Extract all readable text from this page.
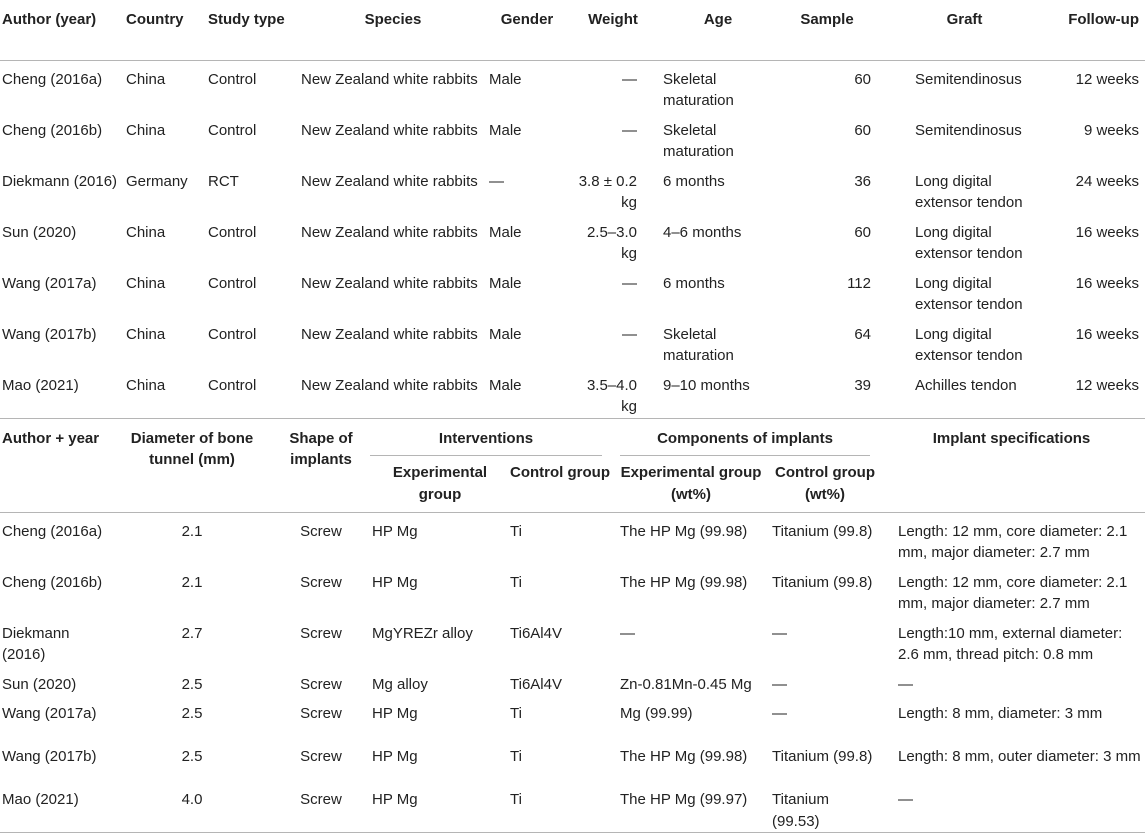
Author (year)	Country	Study type	Species	Gender	Weight	Age	Sample	Graft	Follow-up
Cheng (2016a)	China	Control	New Zealand white rabbits	Male	—	Skeletal maturation	60	Semitendinosus	12 weeks
Cheng (2016b)	China	Control	New Zealand white rabbits	Male	—	Skeletal maturation	60	Semitendinosus	9 weeks
Diekmann (2016)	Germany	RCT	New Zealand white rabbits	—	3.8 ± 0.2 kg	6 months	36	Long digital extensor tendon	24 weeks
Sun (2020)	China	Control	New Zealand white rabbits	Male	2.5–3.0 kg	4–6 months	60	Long digital extensor tendon	16 weeks
Wang (2017a)	China	Control	New Zealand white rabbits	Male	—	6 months	112	Long digital extensor tendon	16 weeks
Wang (2017b)	China	Control	New Zealand white rabbits	Male	—	Skeletal maturation	64	Long digital extensor tendon	16 weeks
Mao (2021)	China	Control	New Zealand white rabbits	Male	3.5–4.0 kg	9–10 months	39	Achilles tendon	12 weeks
Author + year	Diameter of bone tunnel (mm)	Shape of implants	Interventions		Components of implants		Implant specifications
			Experimental group	Control group	Experimental group (wt%)	Control group (wt%)	
Cheng (2016a)	2.1	Screw	HP Mg	Ti	The HP Mg (99.98)	Titanium (99.8)	Length: 12 mm, core diameter: 2.1 mm, major diameter: 2.7 mm
Cheng (2016b)	2.1	Screw	HP Mg	Ti	The HP Mg (99.98)	Titanium (99.8)	Length: 12 mm, core diameter: 2.1 mm, major diameter: 2.7 mm
Diekmann (2016)	2.7	Screw	MgYREZr alloy	Ti6Al4V	—	—	Length:10 mm, external diameter: 2.6 mm, thread pitch: 0.8 mm
Sun (2020)	2.5	Screw	Mg alloy	Ti6Al4V	Zn-0.81Mn-0.45 Mg	—	—
Wang (2017a)	2.5	Screw	HP Mg	Ti	Mg (99.99)	—	Length: 8 mm, diameter: 3 mm
Wang (2017b)	2.5	Screw	HP Mg	Ti	The HP Mg (99.98)	Titanium (99.8)	Length: 8 mm, outer diameter: 3 mm
Mao (2021)	4.0	Screw	HP Mg	Ti	The HP Mg (99.97)	Titanium (99.53)	—
